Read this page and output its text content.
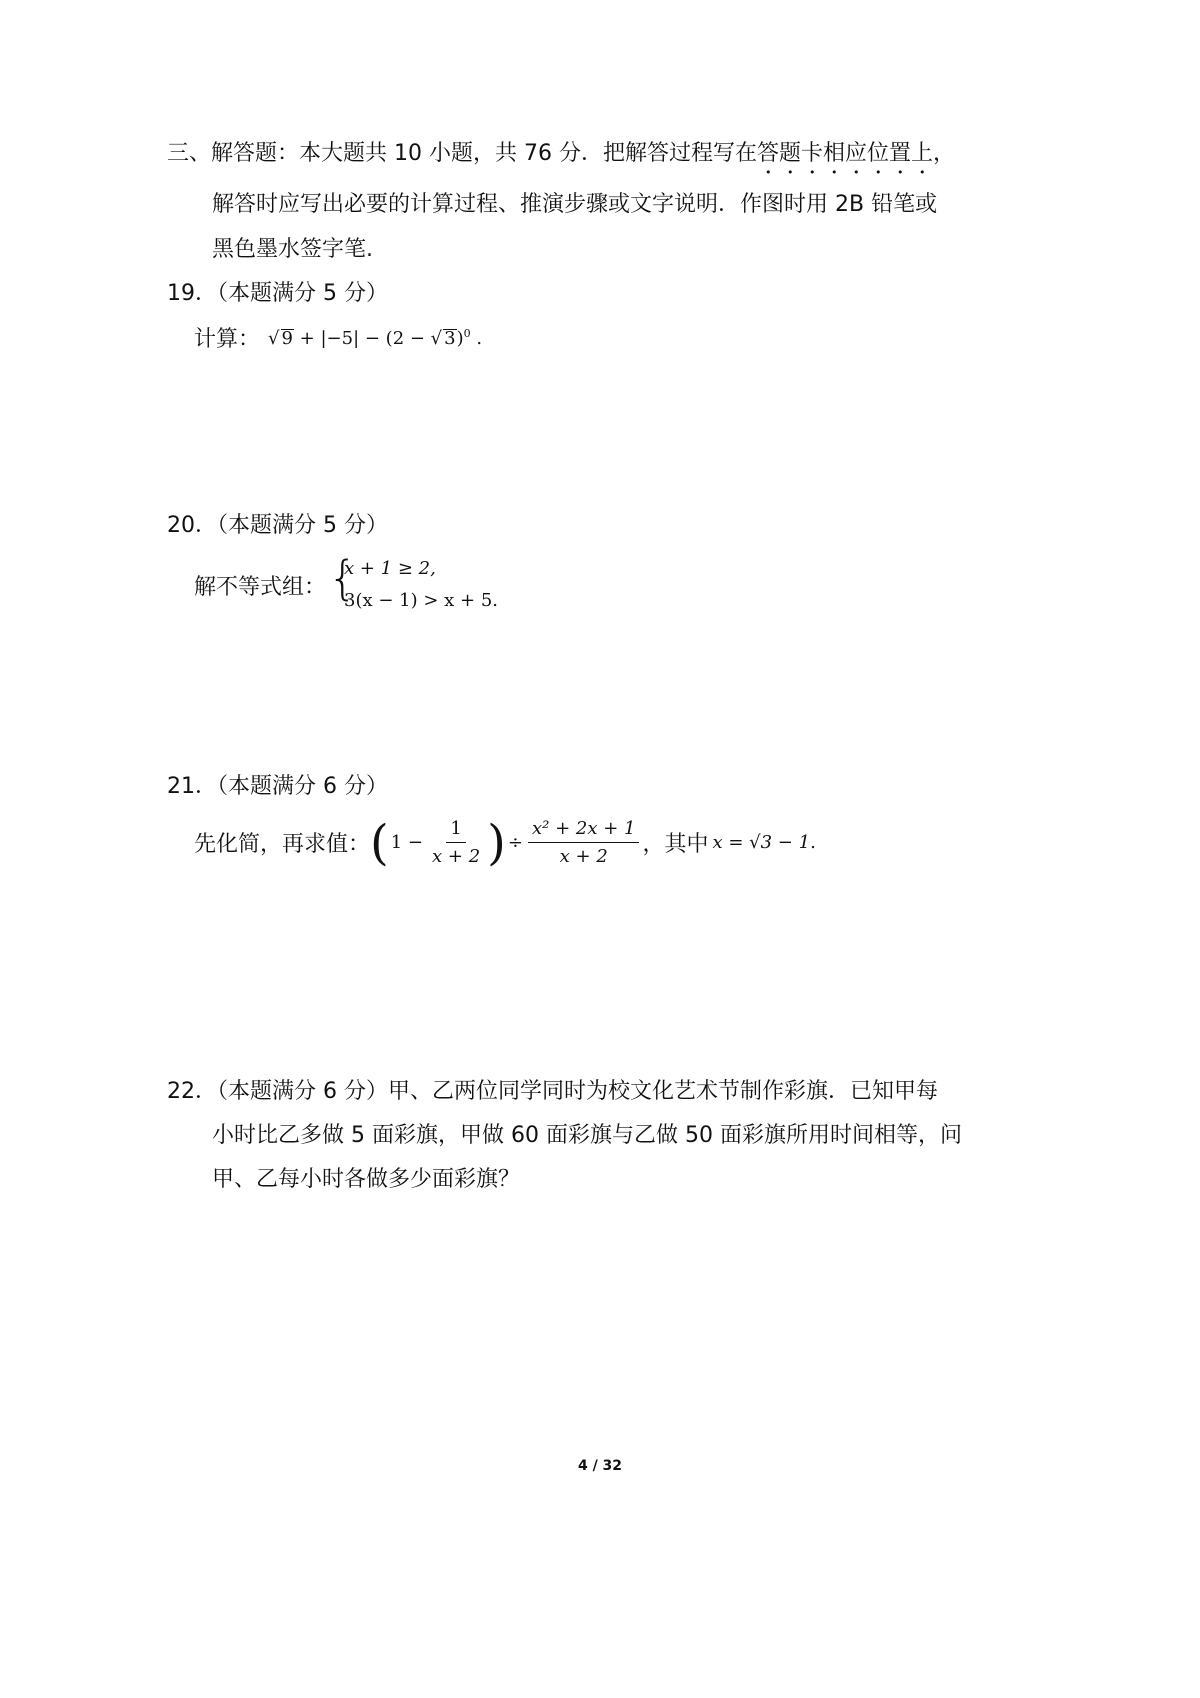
三、解答题：本大题共 10 小题，共 76 分．把解答过程写在答题卡相应位置上，
解答时应写出必要的计算过程、推演步骤或文字说明．作图时用 2B 铅笔或
黑色墨水签字笔.
19．（本题满分 5 分）
计算： √ 9 + |−5| − (2 − √ 3)$^0$ .
20．（本题满分 5 分）
解不等式组： {
x + 1 ≥ 2,
3(x − 1) > x + 5.
21．（本题满分 6 分）
先化简，再求值： ( $1 - \frac{1}{x + 2}$ ) ÷ $\frac{\text{x² + 2x + 1}}{x + 2}$ ，其中 x = √3 − 1 .
22．（本题满分 6 分）甲、乙两位同学同时为校文化艺术节制作彩旗．已知甲每
小时比乙多做 5 面彩旗，甲做 60 面彩旗与乙做 50 面彩旗所用时间相等，问
甲、乙每小时各做多少面彩旗？
4 / 32
